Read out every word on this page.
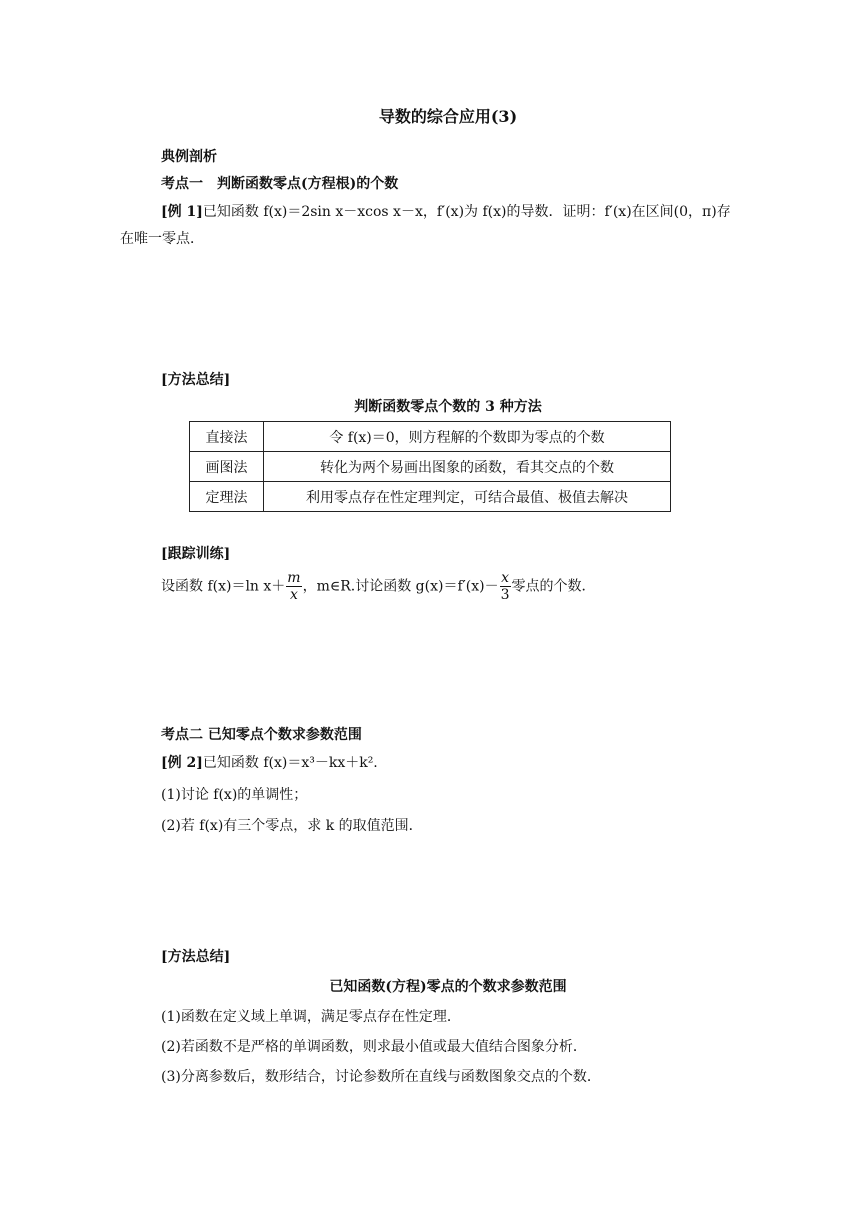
导数的综合应用(3)
典例剖析
考点一　判断函数零点(方程根)的个数
[例 1]已知函数 f(x)＝2sin x－xcos x－x，f′(x)为 f(x)的导数．证明：f′(x)在区间(0，π)存在唯一零点．
[方法总结]
判断函数零点个数的 3 种方法
直接法	令 f(x)＝0，则方程解的个数即为零点的个数
画图法	转化为两个易画出图象的函数，看其交点的个数
定理法	利用零点存在性定理判定，可结合最值、极值去解决
[跟踪训练]
设函数 f(x)＝ln $x+ \frac{m}{x}$ ，m∈R.讨论函数 $g(x)=f'(x)- \frac{x}{3}$ 零点的个数．
考点二 已知零点个数求参数范围
[例 2]已知函数 f(x)＝x³－kx＋k².
(1)讨论 f(x)的单调性；
(2)若 f(x)有三个零点，求 k 的取值范围．
[方法总结]
已知函数(方程)零点的个数求参数范围
(1)函数在定义域上单调，满足零点存在性定理．
(2)若函数不是严格的单调函数，则求最小值或最大值结合图象分析．
(3)分离参数后，数形结合，讨论参数所在直线与函数图象交点的个数．
